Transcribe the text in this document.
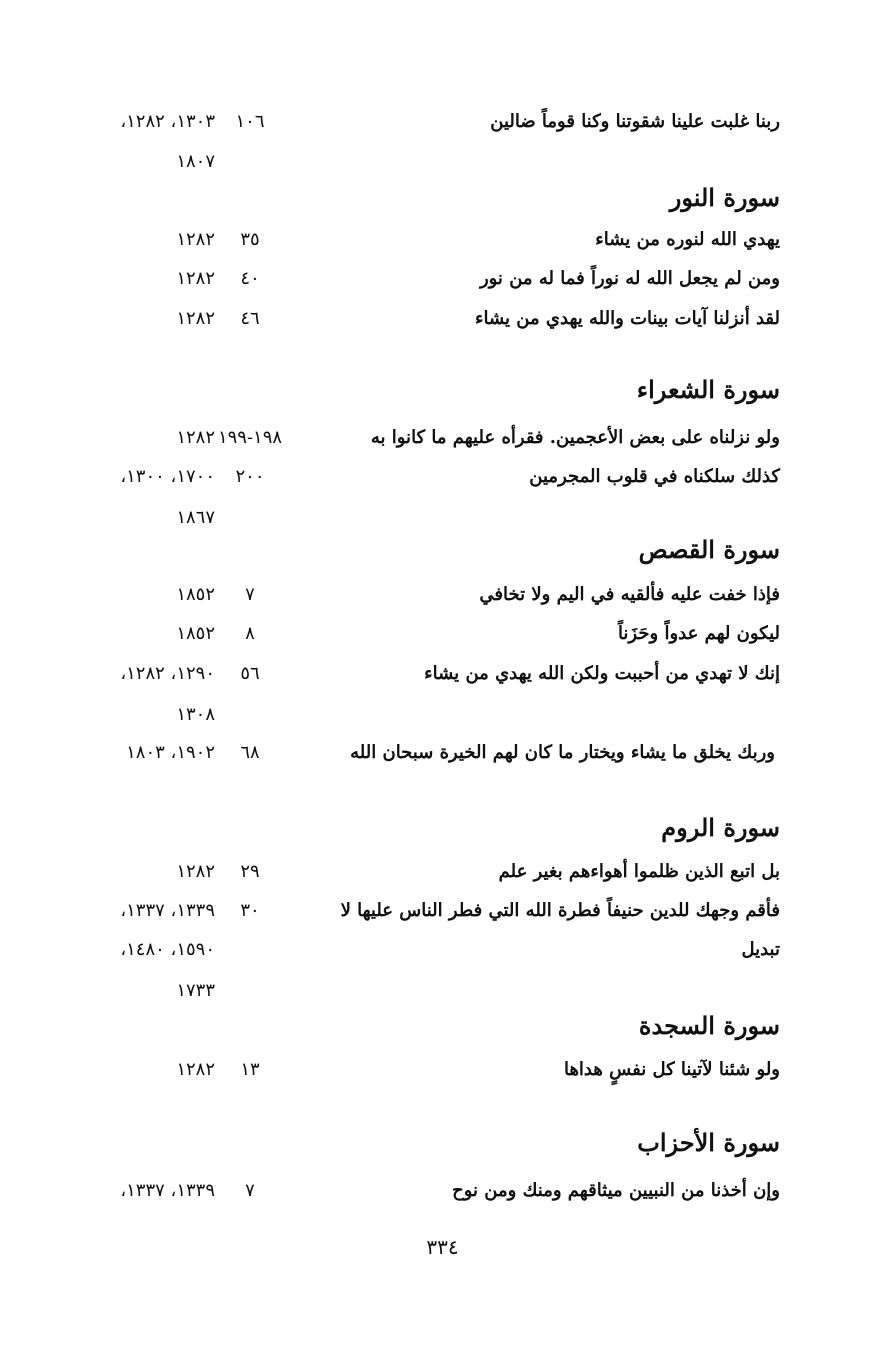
ربنا غلبت علينا شقوتنا وكنا قوماً ضالين
١٠٦
١٣٠٣، ١٢٨٢،
١٨٠٧
سورة النور
يهدي الله لنوره من يشاء
٣٥
١٢٨٢
ومن لم يجعل الله له نوراً فما له من نور
٤٠
١٢٨٢
لقد أنزلنا آيات بينات والله يهدي من يشاء
٤٦
١٢٨٢
سورة الشعراء
ولو نزلناه على بعض الأعجمين. فقرأه عليهم ما كانوا به
١٩٨-١٩٩
١٢٨٢
كذلك سلكناه في قلوب المجرمين
٢٠٠
١٧٠٠، ١٣٠٠،
١٨٦٧
سورة القصص
فإذا خفت عليه فألقيه في اليم ولا تخافي
٧
١٨٥٢
ليكون لهم عدواً وحَزَناً
٨
١٨٥٢
إنك لا تهدي من أحببت ولكن الله يهدي من يشاء
٥٦
١٢٩٠، ١٢٨٢،
١٣٠٨
وربك يخلق ما يشاء ويختار ما كان لهم الخيرة سبحان الله
٦٨
١٩٠٢، ١٨٠٣
سورة الروم
بل اتبع الذين ظلموا أهواءهم بغير علم
٢٩
١٢٨٢
فأقم وجهك للدين حنيفاً فطرة الله التي فطر الناس عليها لا
٣٠
١٣٣٩، ١٣٣٧،
تبديل
١٥٩٠، ١٤٨٠،
١٧٣٣
سورة السجدة
ولو شئنا لآتينا كل نفسٍ هداها
١٣
١٢٨٢
سورة الأحزاب
وإن أخذنا من النبيين ميثاقهم ومنك ومن نوح
٧
١٣٣٩، ١٣٣٧،
٣٣٤
